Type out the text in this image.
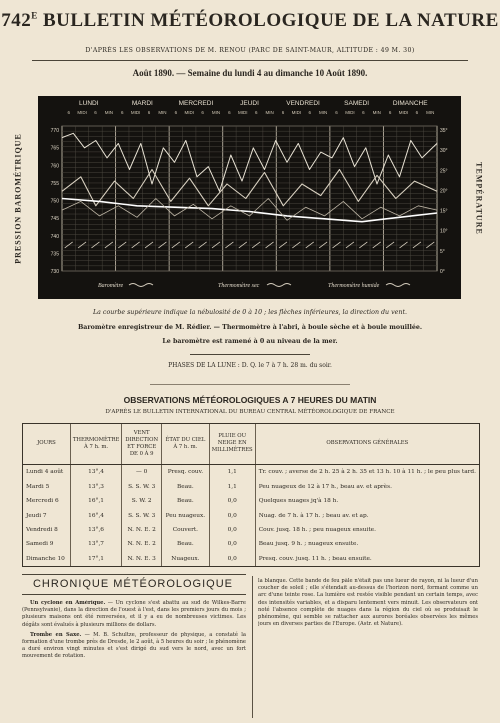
$742^E$ BULLETIN MÉTÉOROLOGIQUE DE LA NATURE
D'APRÈS LES OBSERVATIONS DE M. RENOU (PARC DE SAINT-MAUR, ALTITUDE : 49 M. 30)
Août 1890. — Semaine du lundi 4 au dimanche 10 Août 1890.
PRESSION BAROMÉTRIQUE	TEMPÉRATURE
LUNDI
6 MIDI 6 MIN
MARDI
6 MIDI 6 MIN
MERCREDI
6 MIDI 6 MIN
JEUDI
6 MIDI 6 MIN
VENDREDI
6 MIDI 6 MIN
SAMEDI
6 MIDI 6 MIN
DIMANCHE
6 MIDI 6 MIN
770
765
760
755
750
745
740
735
730
35°
30°
25°
20°
15°
10°
5°
0°
Baromètre	Thermomètre sec	Thermomètre humide
La courbe supérieure indique la nébulosité de 0 à 10 ; les flèches inférieures, la direction du vent.
Baromètre enregistreur de M. Rédier. — Thermomètre à l'abri, à boule sèche et à boule mouillée.
Le baromètre est ramené à 0 au niveau de la mer.
PHASES DE LA LUNE : D. Q. le 7 à 7 h. 28 m. du soir.
OBSERVATIONS MÉTÉOROLOGIQUES A 7 HEURES DU MATIN
D'APRÈS LE BULLETIN INTERNATIONAL DU BUREAU CENTRAL MÉTÉOROLOGIQUE DE FRANCE
JOURS	THERMOMÈTRE À 7 h. m.	VENT DIRECTION ET FORCE DE 0 À 9	ÉTAT DU CIEL À 7 h. m.	PLUIE OU NEIGE EN MILLIMÈTRES	OBSERVATIONS GÉNÉRALES
Lundi 4 août	13°,4	— 0	Presq. couv.	1,1	Tr. couv. ; averse de 2 h. 25 à 2 h. 35 et 13 h. 10 à 11 h. ; le peu plus tard.
Mardi 5	13°,3	S. S. W. 3	Beau.	1,1	Peu nuageux de 12 à 17 h., beau av. et après.
Mercredi 6	16°,1	S. W. 2	Beau.	0,0	Quelques nuages jq'à 18 h.
Jeudi 7	16°,4	S. S. W. 3	Peu nuageux.	0,0	Nuag. de 7 h. à 17 h. ; beau av. et ap.
Vendredi 8	13°,6	N. N. E. 2	Couvert.	0,0	Couv. jusq. 18 h. ; peu nuageux ensuite.
Samedi 9	13°,7	N. N. E. 2	Beau.	0,0	Beau jusq. 9 h. ; nuageux ensuite.
Dimanche 10	17°,1	N. N. E. 3	Nuageux.	0,0	Presq. couv. jusq. 11 h. ; beau ensuite.
CHRONIQUE MÉTÉOROLOGIQUE

Un cyclone en Amérique. — Un cyclone s'est abattu au sud de Wilkes-Barre (Pennsylvanie), dans la direction de l'ouest à l'est, dans les premiers jours du mois ; plusieurs maisons ont été renversées, et il y a eu de nombreuses victimes. Les dégâts sont évalués à plusieurs millions de dollars.

Trombe en Saxe. — M. B. Schultze, professeur de physique, a constaté la formation d'une trombe près de Dresde, le 2 août, à 5 heures du soir ; le phénomène a duré environ vingt minutes et s'est dirigé du sud vers le nord, avec un fort mouvement de rotation.

la blanque. Cette bande de feu pâle n'était pas une lueur de rayon, ni la lueur d'un coucher de soleil ; elle s'étendait au-dessus de l'horizon nord, formant comme un arc d'une teinte rose. La lumière est restée visible pendant un certain temps, avec des intensités variables, et a disparu lentement vers minuit. Les observateurs ont noté l'absence complète de nuages dans la région du ciel où se produisait le phénomène, qui semble se rattacher aux aurores boréales observées les mêmes jours en diverses parties de l'Europe. (Astr. et Nature).
